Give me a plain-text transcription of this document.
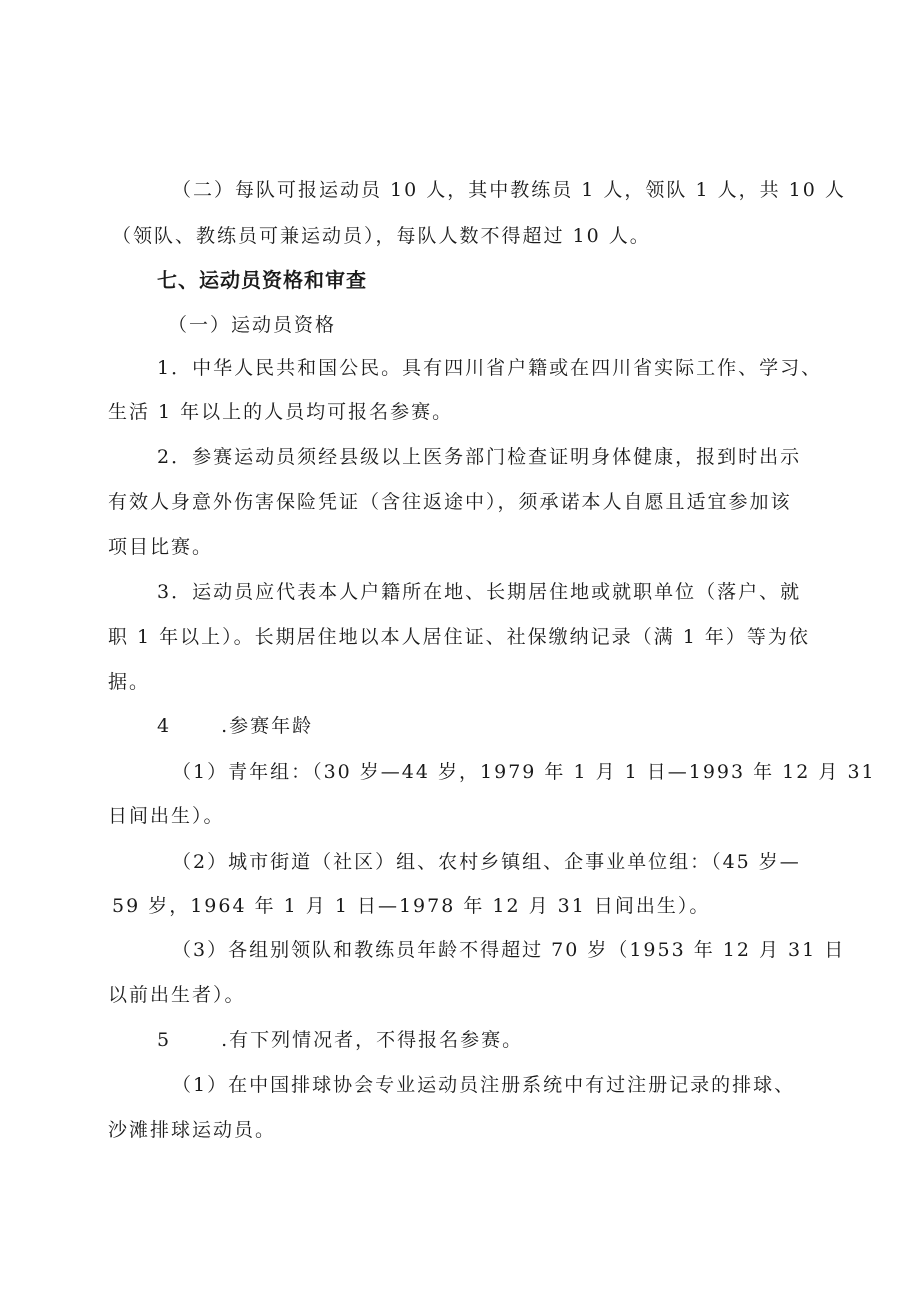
（二）每队可报运动员 10 人，其中教练员 1 人，领队 1 人，共 10 人
（领队、教练员可兼运动员），每队人数不得超过 10 人。
七、运动员资格和审查
（一）运动员资格
1．中华人民共和国公民。具有四川省户籍或在四川省实际工作、学习、
生活 1 年以上的人员均可报名参赛。
2．参赛运动员须经县级以上医务部门检查证明身体健康，报到时出示
有效人身意外伤害保险凭证（含往返途中），须承诺本人自愿且适宜参加该
项目比赛。
3．运动员应代表本人户籍所在地、长期居住地或就职单位（落户、就
职 1 年以上）。长期居住地以本人居住证、社保缴纳记录（满 1 年）等为依
据。
4	.参赛年龄
（1）青年组：（30 岁—44 岁，1979 年 1 月 1 日—1993 年 12 月 31
日间出生）。
（2）城市街道（社区）组、农村乡镇组、企事业单位组：（45 岁—
59 岁，1964 年 1 月 1 日—1978 年 12 月 31 日间出生）。
（3）各组别领队和教练员年龄不得超过 70 岁（1953 年 12 月 31 日
以前出生者）。
5	.有下列情况者，不得报名参赛。
（1）在中国排球协会专业运动员注册系统中有过注册记录的排球、
沙滩排球运动员。
